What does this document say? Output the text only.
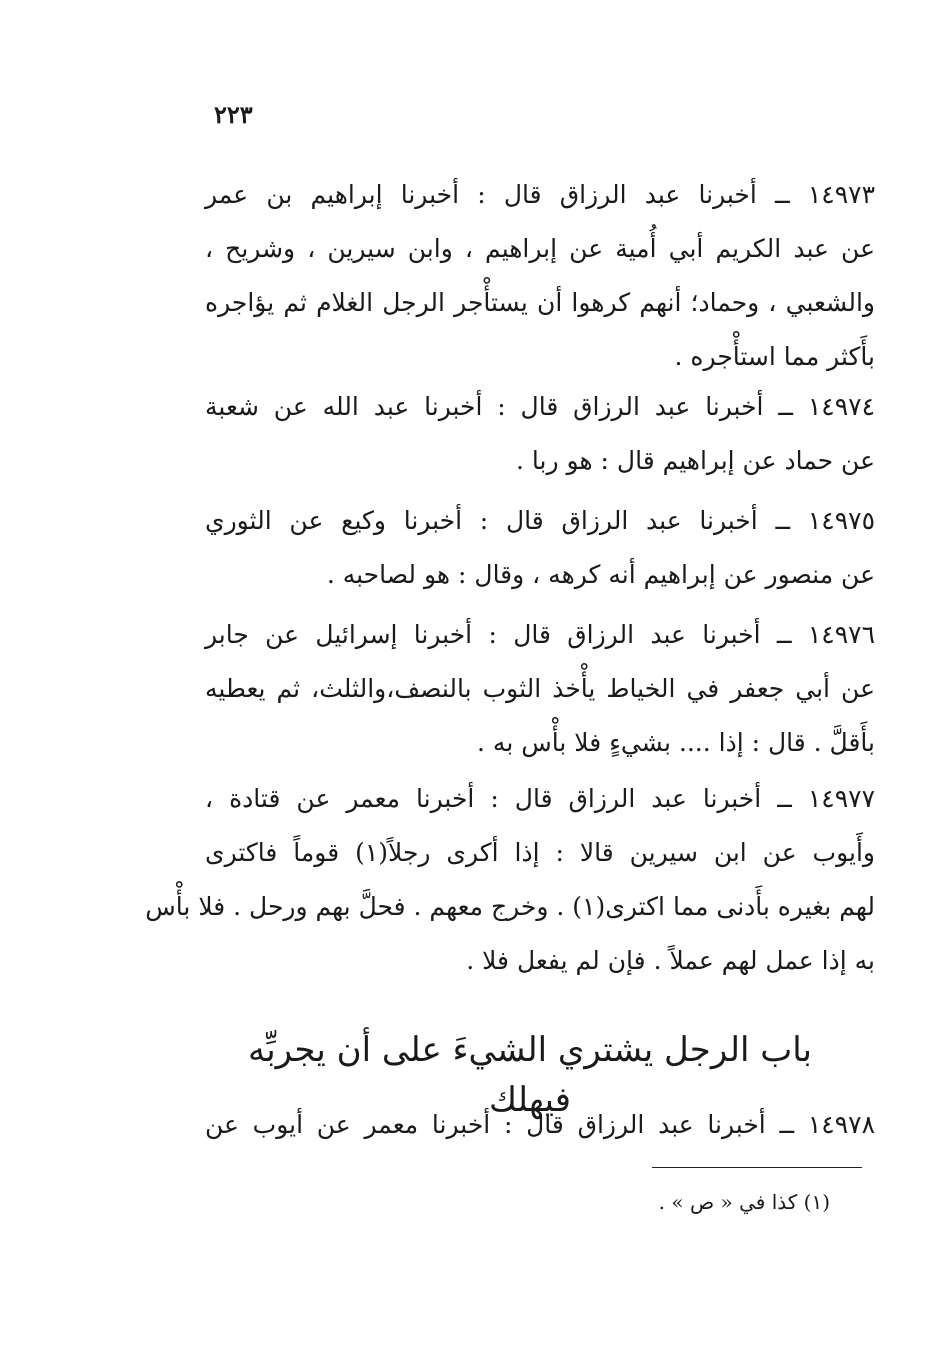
٢٢٣
١٤٩٧٣ ــ أخبرنا عبد الرزاق قال : أخبرنا إبراهيم بن عمر
عن عبد الكريم أبي أُمية عن إبراهيم ، وابن سيرين ، وشريح ،
والشعبي ، وحماد؛ أنهم كرهوا أن يستأْجر الرجل الغلام ثم يؤاجره
بأَكثر مما استأْجره .
١٤٩٧٤ ــ أخبرنا عبد الرزاق قال : أخبرنا عبد الله عن شعبة
عن حماد عن إبراهيم قال : هو ربا .
١٤٩٧٥ ــ أخبرنا عبد الرزاق قال : أخبرنا وكيع عن الثوري
عن منصور عن إبراهيم أنه كرهه ، وقال : هو لصاحبه .
١٤٩٧٦ ــ أخبرنا عبد الرزاق قال : أخبرنا إسرائيل عن جابر
عن أبي جعفر في الخياط يأْخذ الثوب بالنصف،والثلث، ثم يعطيه
بأَقلَّ . قال : إذا .... بشيءٍ فلا بأْس به .
١٤٩٧٧ ــ أخبرنا عبد الرزاق قال : أخبرنا معمر عن قتادة ،
وأَيوب عن ابن سيرين قالا : إذا أكرى رجلاً(١) قوماً فاكترى
لهم بغيره بأَدنى مما اكترى(١) . وخرج معهم . فحلَّ بهم ورحل . فلا بأْس
به إذا عمل لهم عملاً . فإن لم يفعل فلا .
باب الرجل يشتري الشيءَ على أن يجربِّه فيهلك
١٤٩٧٨ ــ أخبرنا عبد الرزاق قال : أخبرنا معمر عن أيوب عن
(١) كذا في « ص » .
